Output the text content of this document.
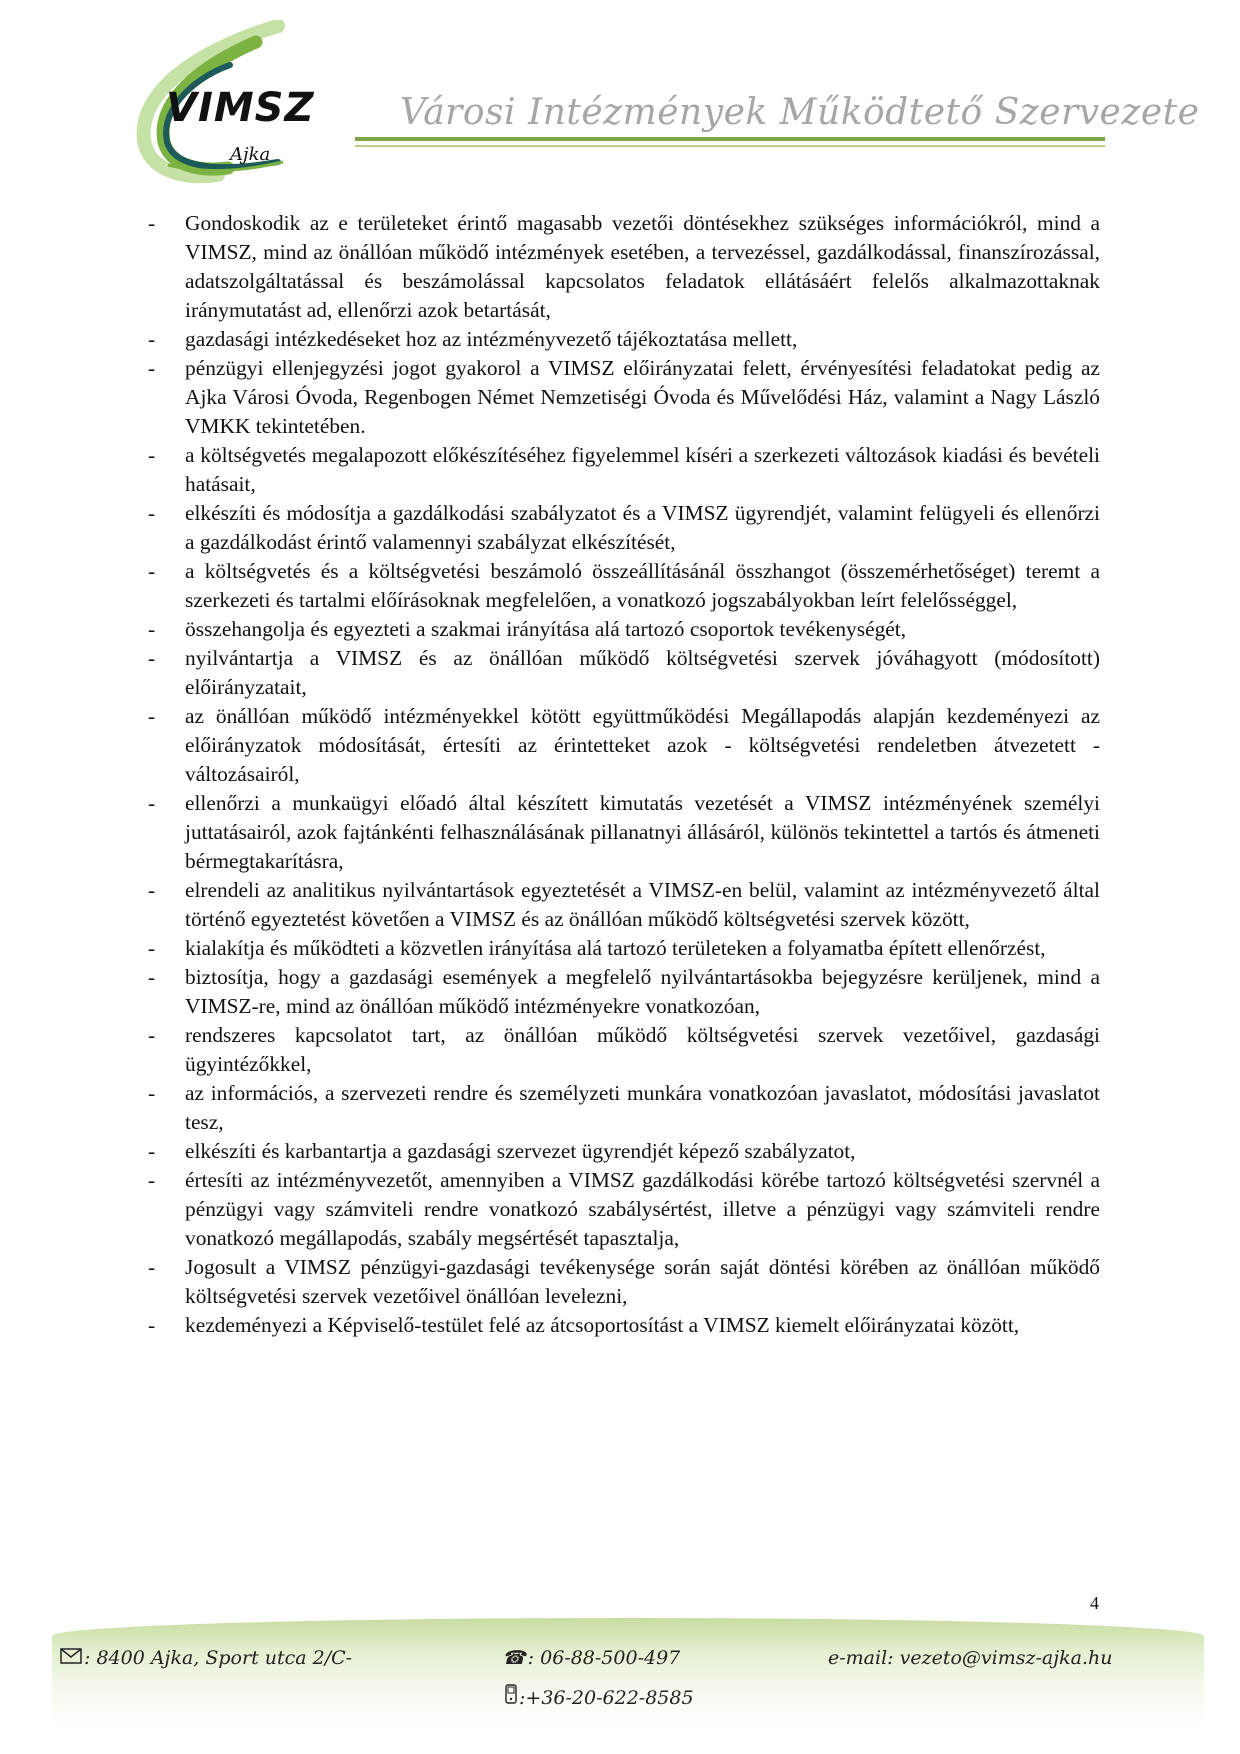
VIMSZ
Ajka
Városi Intézmények Működtető Szervezete
-	Gondoskodik az e területeket érintő magasabb vezetői döntésekhez szükséges információkról, mind a VIMSZ, mind az önállóan működő intézmények esetében, a tervezéssel, gazdálkodással, finanszírozással, adatszolgáltatással és beszámolással kapcsolatos feladatok ellátásáért felelős alkalmazottaknak iránymutatást ad, ellenőrzi azok betartását,
-	gazdasági intézkedéseket hoz az intézményvezető tájékoztatása mellett,
-	pénzügyi ellenjegyzési jogot gyakorol a VIMSZ előirányzatai felett, érvényesítési feladatokat pedig az Ajka Városi Óvoda, Regenbogen Német Nemzetiségi Óvoda és Művelődési Ház, valamint a Nagy László VMKK tekintetében.
-	a költségvetés megalapozott előkészítéséhez figyelemmel kíséri a szerkezeti változások kiadási és bevételi hatásait,
-	elkészíti és módosítja a gazdálkodási szabályzatot és a VIMSZ ügyrendjét, valamint felügyeli és ellenőrzi a gazdálkodást érintő valamennyi szabályzat elkészítését,
-	a költségvetés és a költségvetési beszámoló összeállításánál összhangot (összemérhetőséget) teremt a szerkezeti és tartalmi előírásoknak megfelelően, a vonatkozó jogszabályokban leírt felelősséggel,
-	összehangolja és egyezteti a szakmai irányítása alá tartozó csoportok tevékenységét,
-	nyilvántartja a VIMSZ és az önállóan működő költségvetési szervek jóváhagyott (módosított) előirányzatait,
-	az önállóan működő intézményekkel kötött együttműködési Megállapodás alapján kezdeményezi az előirányzatok módosítását, értesíti az érintetteket azok - költségvetési rendeletben átvezetett - változásairól,
-	ellenőrzi a munkaügyi előadó által készített kimutatás vezetését a VIMSZ intézményének személyi juttatásairól, azok fajtánkénti felhasználásának pillanatnyi állásáról, különös tekintettel a tartós és átmeneti bérmegtakarításra,
-	elrendeli az analitikus nyilvántartások egyeztetését a VIMSZ-en belül, valamint az intézményvezető által történő egyeztetést követően a VIMSZ és az önállóan működő költségvetési szervek között,
-	kialakítja és működteti a közvetlen irányítása alá tartozó területeken a folyamatba épített ellenőrzést,
-	biztosítja, hogy a gazdasági események a megfelelő nyilvántartásokba bejegyzésre kerüljenek, mind a VIMSZ-re, mind az önállóan működő intézményekre vonatkozóan,
-	rendszeres kapcsolatot tart, az önállóan működő költségvetési szervek vezetőivel, gazdasági ügyintézőkkel,
-	az információs, a szervezeti rendre és személyzeti munkára vonatkozóan javaslatot, módosítási javaslatot tesz,
-	elkészíti és karbantartja a gazdasági szervezet ügyrendjét képező szabályzatot,
-	értesíti az intézményvezetőt, amennyiben a VIMSZ gazdálkodási körébe tartozó költségvetési szervnél a pénzügyi vagy számviteli rendre vonatkozó szabálysértést, illetve a pénzügyi vagy számviteli rendre vonatkozó megállapodás, szabály megsértését tapasztalja,
-	Jogosult a VIMSZ pénzügyi-gazdasági tevékenysége során saját döntési körében az önállóan működő költségvetési szervek vezetőivel önállóan levelezni,
-	kezdeményezi a Képviselő-testület felé az átcsoportosítást a VIMSZ kiemelt előirányzatai között,
4
: 8400 Ajka, Sport utca 2/C-	☎ : 06-88-500-497
:+36-20-622-8585
e-mail: vezeto@vimsz-ajka.hu
